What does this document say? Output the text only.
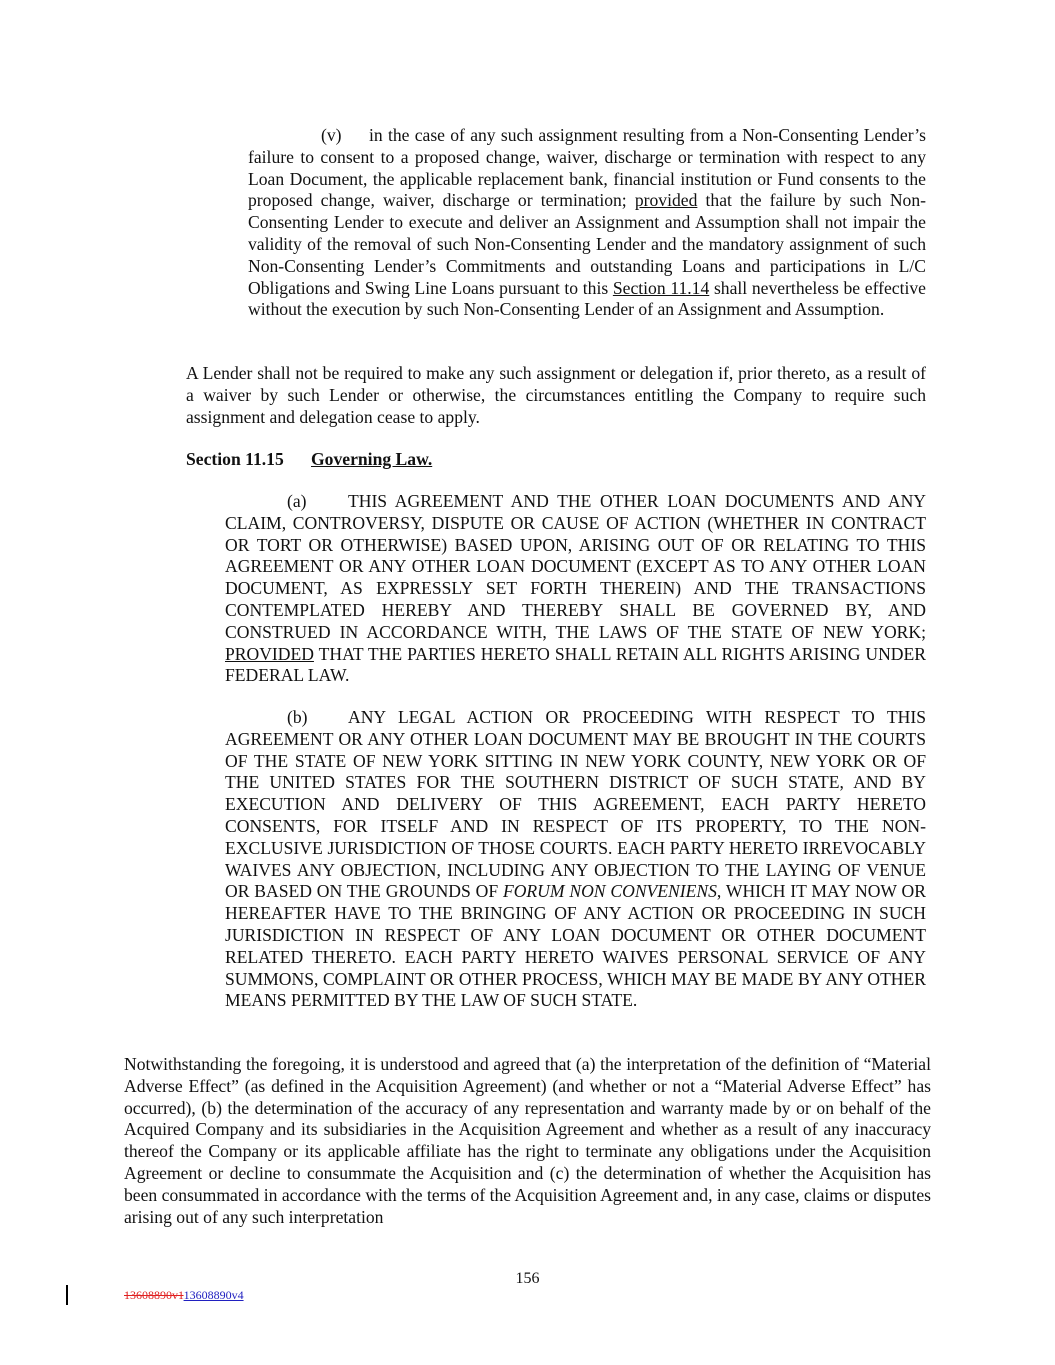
(v) in the case of any such assignment resulting from a Non-Consenting Lender’s failure to consent to a proposed change, waiver, discharge or termination with respect to any Loan Document, the applicable replacement bank, financial institution or Fund consents to the proposed change, waiver, discharge or termination; provided that the failure by such Non-Consenting Lender to execute and deliver an Assignment and Assumption shall not impair the validity of the removal of such Non-Consenting Lender and the mandatory assignment of such Non-Consenting Lender’s Commitments and outstanding Loans and participations in L/C Obligations and Swing Line Loans pursuant to this Section 11.14 shall nevertheless be effective without the execution by such Non-Consenting Lender of an Assignment and Assumption.

A Lender shall not be required to make any such assignment or delegation if, prior thereto, as a result of a waiver by such Lender or otherwise, the circumstances entitling the Company to require such assignment and delegation cease to apply.

Section 11.15 Governing Law.

(a) THIS AGREEMENT AND THE OTHER LOAN DOCUMENTS AND ANY CLAIM, CONTROVERSY, DISPUTE OR CAUSE OF ACTION (WHETHER IN CONTRACT OR TORT OR OTHERWISE) BASED UPON, ARISING OUT OF OR RELATING TO THIS AGREEMENT OR ANY OTHER LOAN DOCUMENT (EXCEPT AS TO ANY OTHER LOAN DOCUMENT, AS EXPRESSLY SET FORTH THEREIN) AND THE TRANSACTIONS CONTEMPLATED HEREBY AND THEREBY SHALL BE GOVERNED BY, AND CONSTRUED IN ACCORDANCE WITH, THE LAWS OF THE STATE OF NEW YORK; PROVIDED THAT THE PARTIES HERETO SHALL RETAIN ALL RIGHTS ARISING UNDER FEDERAL LAW.

(b) ANY LEGAL ACTION OR PROCEEDING WITH RESPECT TO THIS AGREEMENT OR ANY OTHER LOAN DOCUMENT MAY BE BROUGHT IN THE COURTS OF THE STATE OF NEW YORK SITTING IN NEW YORK COUNTY, NEW YORK OR OF THE UNITED STATES FOR THE SOUTHERN DISTRICT OF SUCH STATE, AND BY EXECUTION AND DELIVERY OF THIS AGREEMENT, EACH PARTY HERETO CONSENTS, FOR ITSELF AND IN RESPECT OF ITS PROPERTY, TO THE NON-EXCLUSIVE JURISDICTION OF THOSE COURTS. EACH PARTY HERETO IRREVOCABLY WAIVES ANY OBJECTION, INCLUDING ANY OBJECTION TO THE LAYING OF VENUE OR BASED ON THE GROUNDS OF FORUM NON CONVENIENS, WHICH IT MAY NOW OR HEREAFTER HAVE TO THE BRINGING OF ANY ACTION OR PROCEEDING IN SUCH JURISDICTION IN RESPECT OF ANY LOAN DOCUMENT OR OTHER DOCUMENT RELATED THERETO. EACH PARTY HERETO WAIVES PERSONAL SERVICE OF ANY SUMMONS, COMPLAINT OR OTHER PROCESS, WHICH MAY BE MADE BY ANY OTHER MEANS PERMITTED BY THE LAW OF SUCH STATE.

Notwithstanding the foregoing, it is understood and agreed that (a) the interpretation of the definition of “Material Adverse Effect” (as defined in the Acquisition Agreement) (and whether or not a “Material Adverse Effect” has occurred), (b) the determination of the accuracy of any representation and warranty made by or on behalf of the Acquired Company and its subsidiaries in the Acquisition Agreement and whether as a result of any inaccuracy thereof the Company or its applicable affiliate has the right to terminate any obligations under the Acquisition Agreement or decline to consummate the Acquisition and (c) the determination of whether the Acquisition has been consummated in accordance with the terms of the Acquisition Agreement and, in any case, claims or disputes arising out of any such interpretation

156
13608890v113608890v4
